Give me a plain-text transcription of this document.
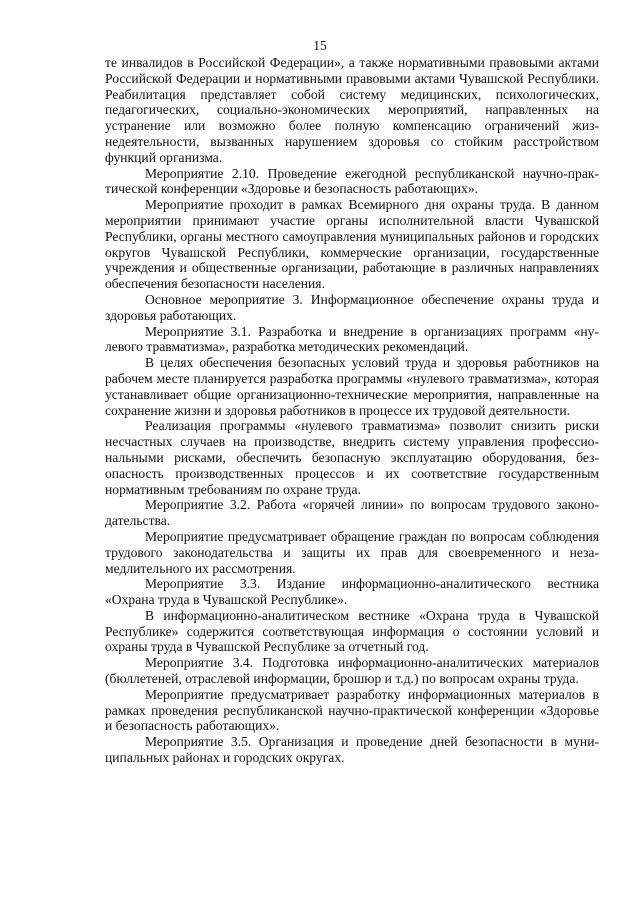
15

те инвалидов в Российской Федерации», а также нормативными правовыми актами Российской Федерации и нормативными правовыми актами Чувашской Республики. Реабилитация представляет собой систему медицинских, психологических, педагогических, социально-экономических мероприятий, направленных на устранение или возможно более полную компенсацию ограничений жизнедеятельности, вызванных нарушением здоровья со стойким расстройством функций организма.

Мероприятие 2.10. Проведение ежегодной республиканской научно-практической конференции «Здоровье и безопасность работающих».

Мероприятие проходит в рамках Всемирного дня охраны труда. В данном мероприятии принимают участие органы исполнительной власти Чувашской Республики, органы местного самоуправления муниципальных районов и городских округов Чувашской Республики, коммерческие организации, государственные учреждения и общественные организации, работающие в различных направлениях обеспечения безопасности населения.

Основное мероприятие 3. Информационное обеспечение охраны труда и здоровья работающих.

Мероприятие 3.1. Разработка и внедрение в организациях программ «нулевого травматизма», разработка методических рекомендаций.

В целях обеспечения безопасных условий труда и здоровья работников на рабочем месте планируется разработка программы «нулевого травматизма», которая устанавливает общие организационно-технические мероприятия, направленные на сохранение жизни и здоровья работников в процессе их трудовой деятельности.

Реализация программы «нулевого травматизма» позволит снизить риски несчастных случаев на производстве, внедрить систему управления профессиональными рисками, обеспечить безопасную эксплуатацию оборудования, безопасность производственных процессов и их соответствие государственным нормативным требованиям по охране труда.

Мероприятие 3.2. Работа «горячей линии» по вопросам трудового законодательства.

Мероприятие предусматривает обращение граждан по вопросам соблюдения трудового законодательства и защиты их прав для своевременного и незамедлительного их рассмотрения.

Мероприятие 3.3. Издание информационно-аналитического вестника «Охрана труда в Чувашской Республике».

В информационно-аналитическом вестнике «Охрана труда в Чувашской Республике» содержится соответствующая информация о состоянии условий и охраны труда в Чувашской Республике за отчетный год.

Мероприятие 3.4. Подготовка информационно-аналитических материалов (бюллетеней, отраслевой информации, брошюр и т.д.) по вопросам охраны труда.

Мероприятие предусматривает разработку информационных материалов в рамках проведения республиканской научно-практической конференции «Здоровье и безопасность работающих».

Мероприятие 3.5. Организация и проведение дней безопасности в муниципальных районах и городских округах.
